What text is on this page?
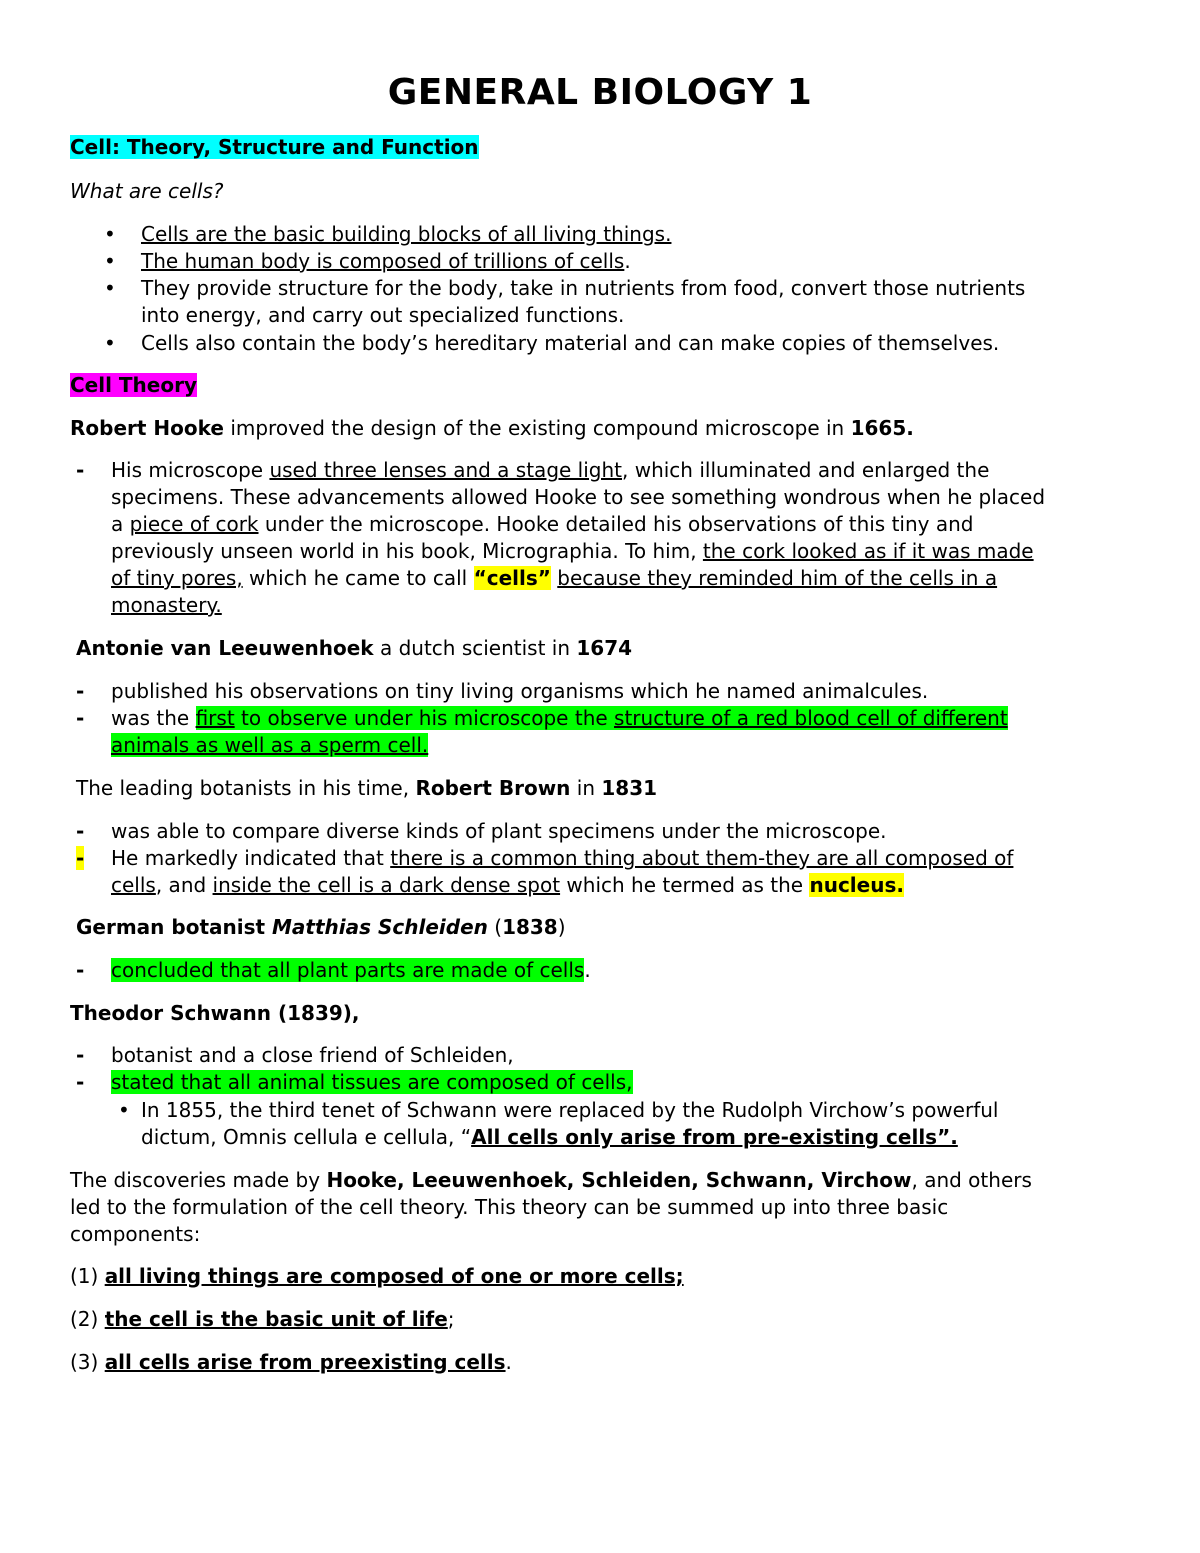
GENERAL BIOLOGY 1
Cell: Theory, Structure and Function
What are cells?
• Cells are the basic building blocks of all living things.
• The human body is composed of trillions of cells.
• They provide structure for the body, take in nutrients from food, convert those nutrients
into energy, and carry out specialized functions.
• Cells also contain the body’s hereditary material and can make copies of themselves.
Cell Theory
Robert Hooke improved the design of the existing compound microscope in 1665.
- His microscope used three lenses and a stage light, which illuminated and enlarged the
specimens. These advancements allowed Hooke to see something wondrous when he placed
a piece of cork under the microscope. Hooke detailed his observations of this tiny and
previously unseen world in his book, Micrographia. To him, the cork looked as if it was made
of tiny pores, which he came to call “cells” because they reminded him of the cells in a
monastery.
Antonie van Leeuwenhoek a dutch scientist in 1674
- published his observations on tiny living organisms which he named animalcules.
- was the first to observe under his microscope the structure of a red blood cell of different
animals as well as a sperm cell.
The leading botanists in his time, Robert Brown in 1831
- was able to compare diverse kinds of plant specimens under the microscope.
- He markedly indicated that there is a common thing about them-they are all composed of
cells, and inside the cell is a dark dense spot which he termed as the nucleus.
German botanist Matthias Schleiden (1838)
- concluded that all plant parts are made of cells.
Theodor Schwann (1839),
- botanist and a close friend of Schleiden,
- stated that all animal tissues are composed of cells,
• In 1855, the third tenet of Schwann were replaced by the Rudolph Virchow’s powerful
dictum, Omnis cellula e cellula, “All cells only arise from pre-existing cells”.
The discoveries made by Hooke, Leeuwenhoek, Schleiden, Schwann, Virchow, and others
led to the formulation of the cell theory. This theory can be summed up into three basic
components:
(1) all living things are composed of one or more cells;
(2) the cell is the basic unit of life;
(3) all cells arise from preexisting cells.
